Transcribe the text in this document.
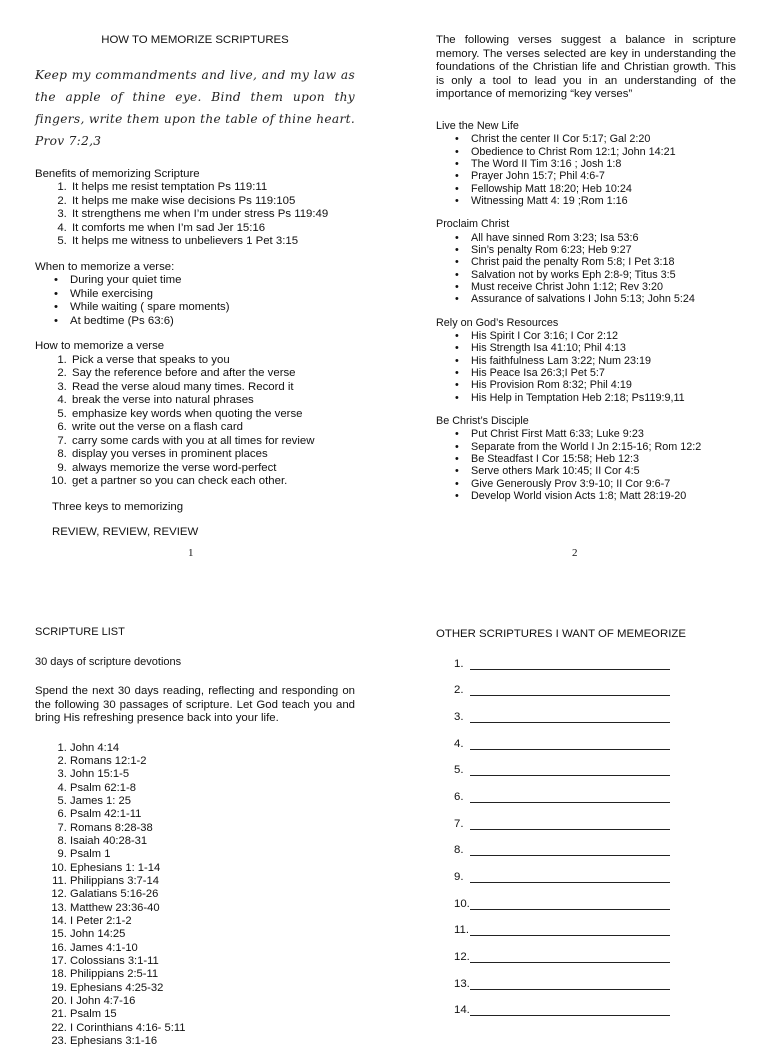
HOW TO MEMORIZE SCRIPTURES
Keep my commandments and live, and my law as the apple of thine eye. Bind them upon thy fingers, write them upon the table of thine heart. Prov 7:2,3
Benefits of memorizing Scripture
1. It helps me resist temptation Ps 119:11
2. It helps me make wise decisions Ps 119:105
3. It strengthens me when I’m under stress Ps 119:49
4. It comforts me when I’m sad Jer 15:16
5. It helps me witness to unbelievers 1 Pet 3:15
When to memorize a verse:
• During your quiet time
• While exercising
• While waiting ( spare moments)
• At bedtime (Ps 63:6)
How to memorize a verse
1. Pick a verse that speaks to you
2. Say the reference before and after the verse
3. Read the verse aloud many times. Record it
4. break the verse into natural phrases
5. emphasize key words when quoting the verse
6. write out the verse on a flash card
7. carry some cards with you at all times for review
8. display you verses in prominent places
9. always memorize the verse word-perfect
10. get a partner so you can check each other.
Three keys to memorizing
REVIEW, REVIEW, REVIEW
1
The following verses suggest a balance in scripture memory. The verses selected are key in understanding the foundations of the Christian life and Christian growth. This is only a tool to lead you in an understanding of the importance of memorizing “key verses”
Live the New Life
• Christ the center II Cor 5:17; Gal 2:20
• Obedience to Christ Rom 12:1; John 14:21
• The Word II Tim 3:16 ; Josh 1:8
• Prayer John 15:7; Phil 4:6-7
• Fellowship Matt 18:20; Heb 10:24
• Witnessing Matt 4: 19 ;Rom 1:16
Proclaim Christ
• All have sinned Rom 3:23; Isa 53:6
• Sin’s penalty Rom 6:23; Heb 9:27
• Christ paid the penalty Rom 5:8; I Pet 3:18
• Salvation not by works Eph 2:8-9; Titus 3:5
• Must receive Christ John 1:12; Rev 3:20
• Assurance of salvations I John 5:13; John 5:24
Rely on God’s Resources
• His Spirit I Cor 3:16; I Cor 2:12
• His Strength Isa 41:10; Phil 4:13
• His faithfulness Lam 3:22; Num 23:19
• His Peace Isa 26:3;I Pet 5:7
• His Provision Rom 8:32; Phil 4:19
• His Help in Temptation Heb 2:18; Ps119:9,11
Be Christ’s Disciple
• Put Christ First Matt 6:33; Luke 9:23
• Separate from the World I Jn 2:15-16; Rom 12:2
• Be Steadfast I Cor 15:58; Heb 12:3
• Serve others Mark 10:45; II Cor 4:5
• Give Generously Prov 3:9-10; II Cor 9:6-7
• Develop World vision Acts 1:8; Matt 28:19-20
2
SCRIPTURE LIST
30 days of scripture devotions
Spend the next 30 days reading, reflecting and responding on the following 30 passages of scripture. Let God teach you and bring His refreshing presence back into your life.
1. John 4:14
2. Romans 12:1-2
3. John 15:1-5
4. Psalm 62:1-8
5. James 1: 25
6. Psalm 42:1-11
7. Romans 8:28-38
8. Isaiah 40:28-31
9. Psalm 1
10. Ephesians 1: 1-14
11. Philippians 3:7-14
12. Galatians 5:16-26
13. Matthew 23:36-40
14. I Peter 2:1-2
15. John 14:25
16. James 4:1-10
17. Colossians 3:1-11
18. Philippians 2:5-11
19. Ephesians 4:25-32
20. I John 4:7-16
21. Psalm 15
22. I Corinthians 4:16- 5:11
23. Ephesians 3:1-16
OTHER SCRIPTURES I WANT OF MEMEORIZE
1.
2.
3.
4.
5.
6.
7.
8.
9.
10.
11.
12.
13.
14.
